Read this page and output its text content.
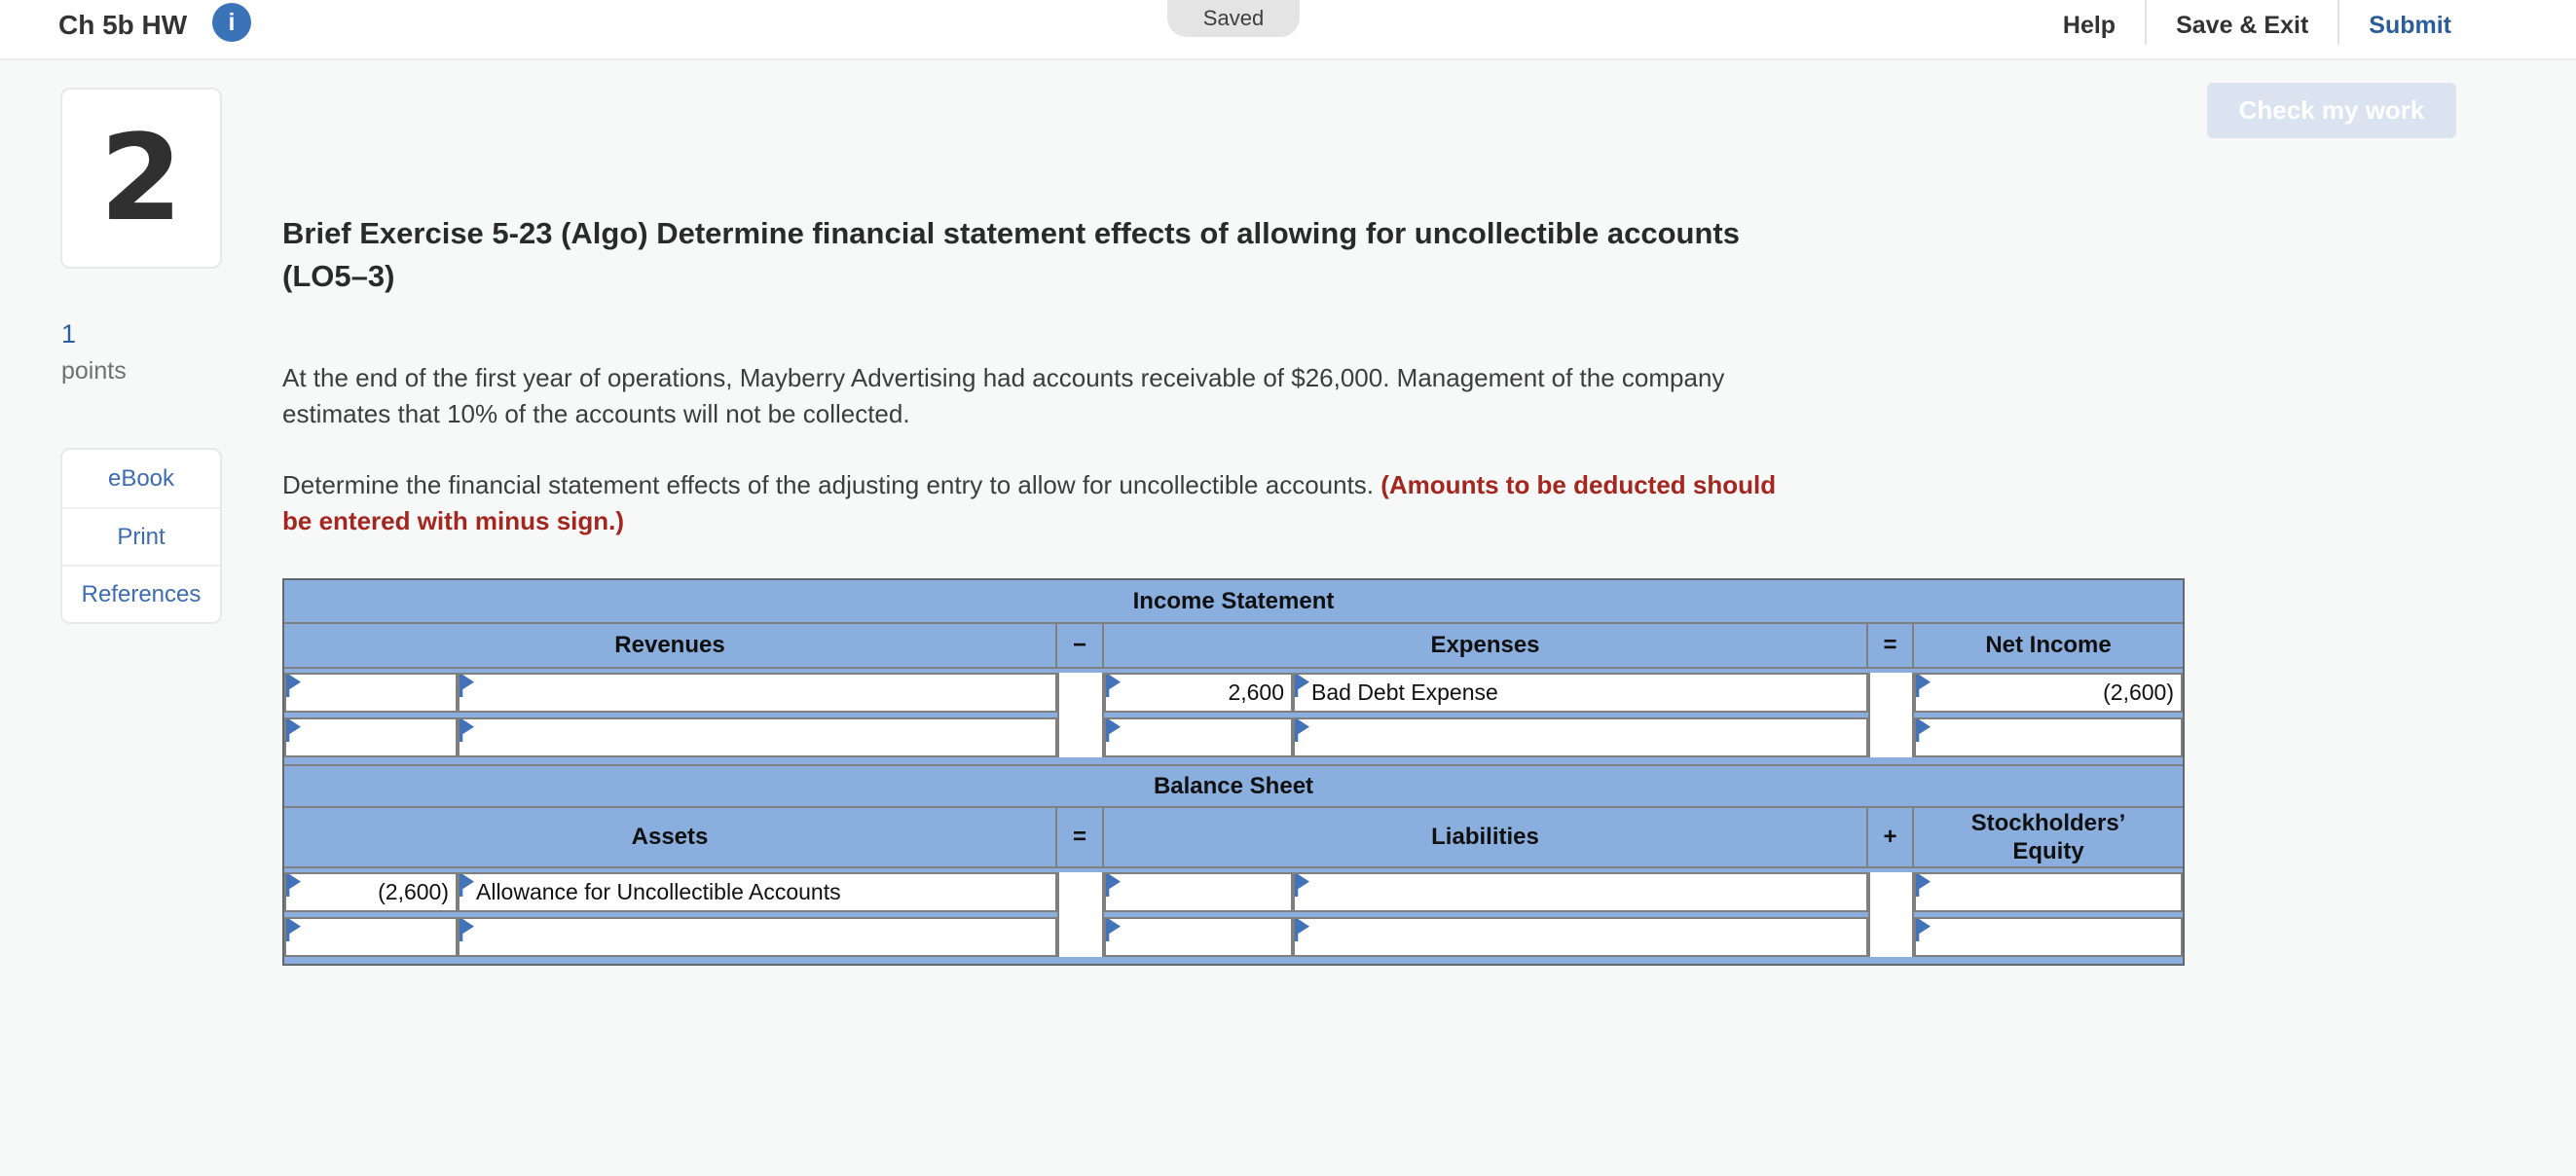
Ch 5b HW i	Saved	Help Save & Exit Submit
2
1
points
eBook
Print
References
Check my work
Brief Exercise 5-23 (Algo) Determine financial statement effects of allowing for uncollectible accounts
(LO5–3)
At the end of the first year of operations, Mayberry Advertising had accounts receivable of $26,000. Management of the company
estimates that 10% of the accounts will not be collected.
Determine the financial statement effects of the adjusting entry to allow for uncollectible accounts. (Amounts to be deducted should
be entered with minus sign.)
Income Statement
Revenues	−	Expenses	=	Net Income
2,600 Bad Debt Expense	(2,600)
Balance Sheet
Assets	=	Liabilities	+
Stockholders’ Equity
(2,600) Allowance for Uncollectible Accounts
